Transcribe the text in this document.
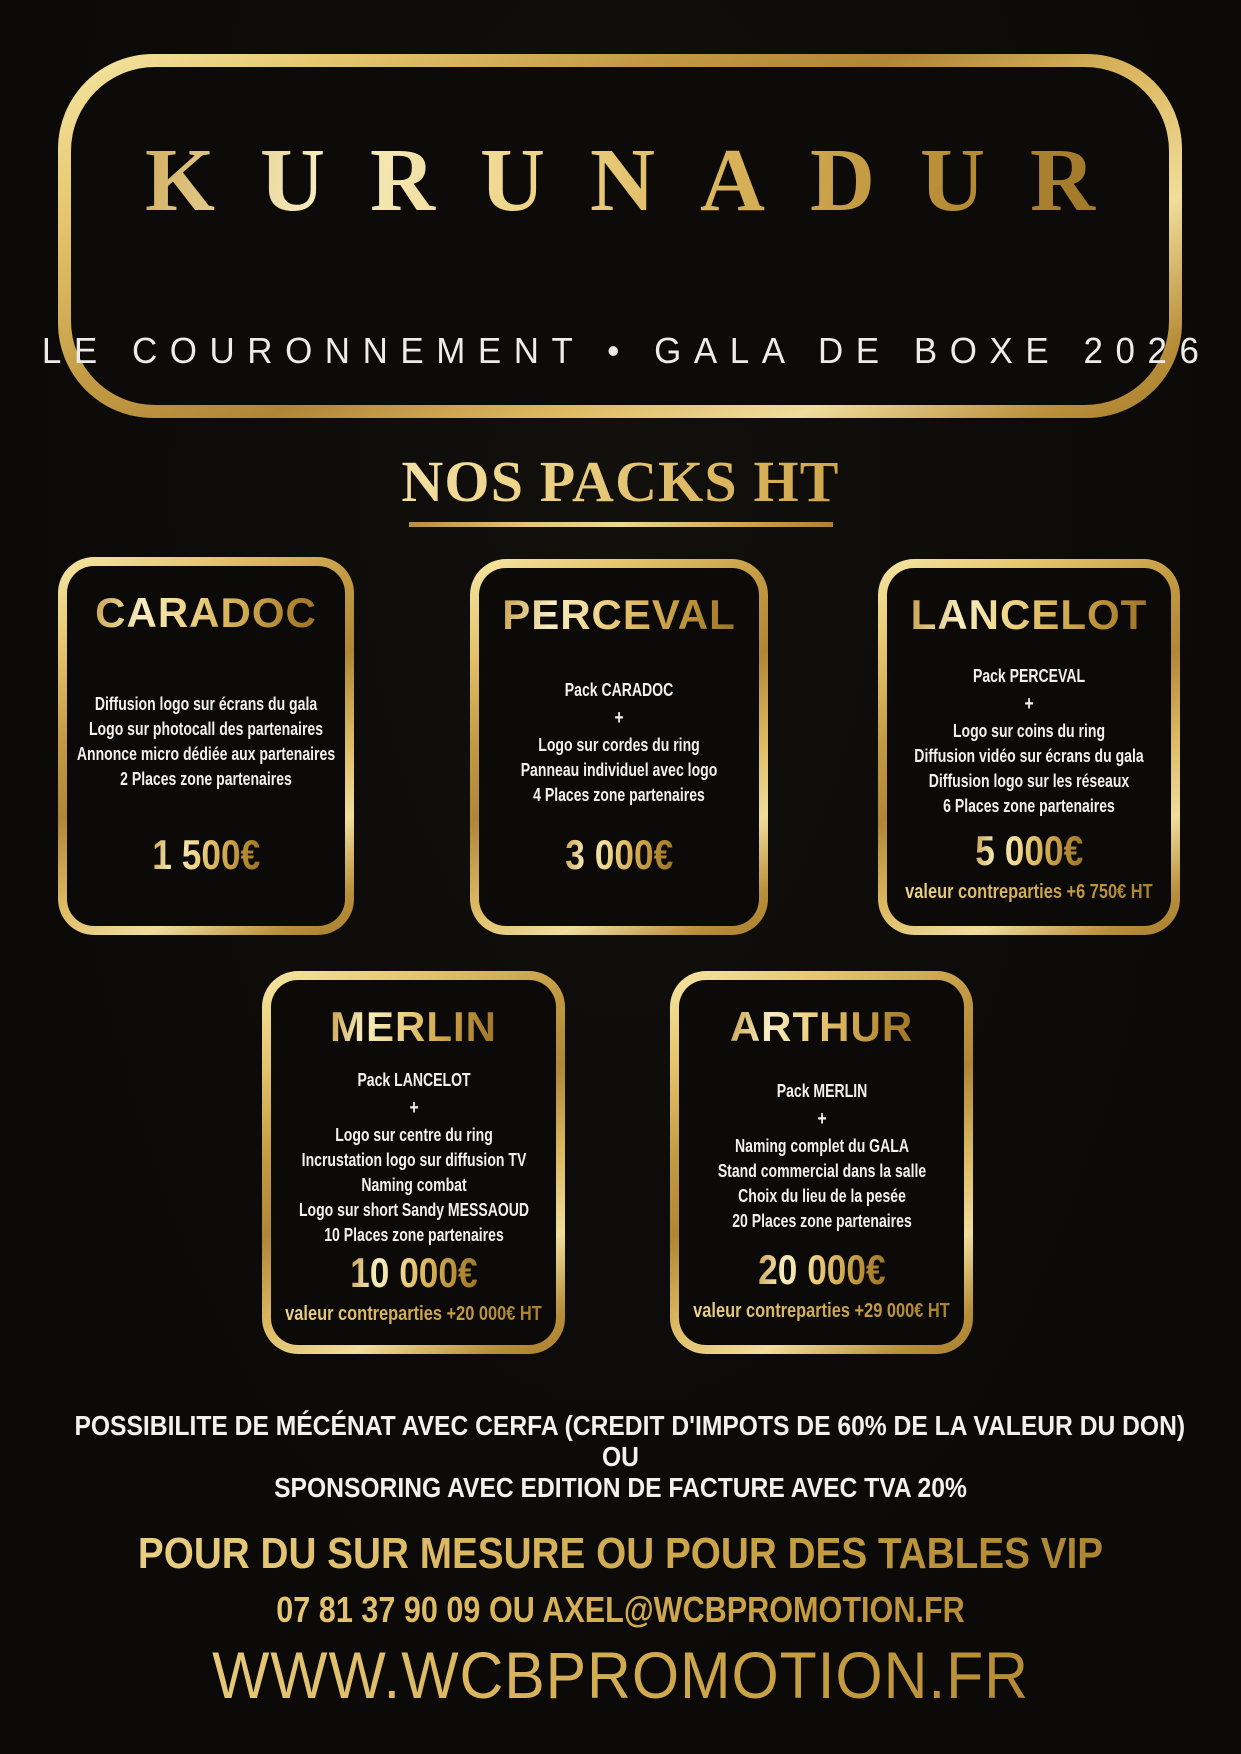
KURUNADUR
LE COURONNEMENT • GALA DE BOXE 2026
NOS PACKS HT
CARADOC
Diffusion logo sur écrans du gala
Logo sur photocall des partenaires
Annonce micro dédiée aux partenaires
2 Places zone partenaires
1 500€
PERCEVAL
Pack CARADOC
+
Logo sur cordes du ring
Panneau individuel avec logo
4 Places zone partenaires
3 000€
LANCELOT
Pack PERCEVAL
+
Logo sur coins du ring
Diffusion vidéo sur écrans du gala
Diffusion logo sur les réseaux
6 Places zone partenaires
5 000€
valeur contreparties +6 750€ HT
MERLIN
Pack LANCELOT
+
Logo sur centre du ring
Incrustation logo sur diffusion TV
Naming combat
Logo sur short Sandy MESSAOUD
10 Places zone partenaires
10 000€
valeur contreparties +20 000€ HT
ARTHUR
Pack MERLIN
+
Naming complet du GALA
Stand commercial dans la salle
Choix du lieu de la pesée
20 Places zone partenaires
20 000€
valeur contreparties +29 000€ HT
POSSIBILITE DE MÉCÉNAT AVEC CERFA (CREDIT D'IMPOTS DE 60% DE LA VALEUR DU DON)
OU
SPONSORING AVEC EDITION DE FACTURE AVEC TVA 20%
POUR DU SUR MESURE OU POUR DES TABLES VIP
07 81 37 90 09 OU AXEL@WCBPROMOTION.FR
WWW.WCBPROMOTION.FR
